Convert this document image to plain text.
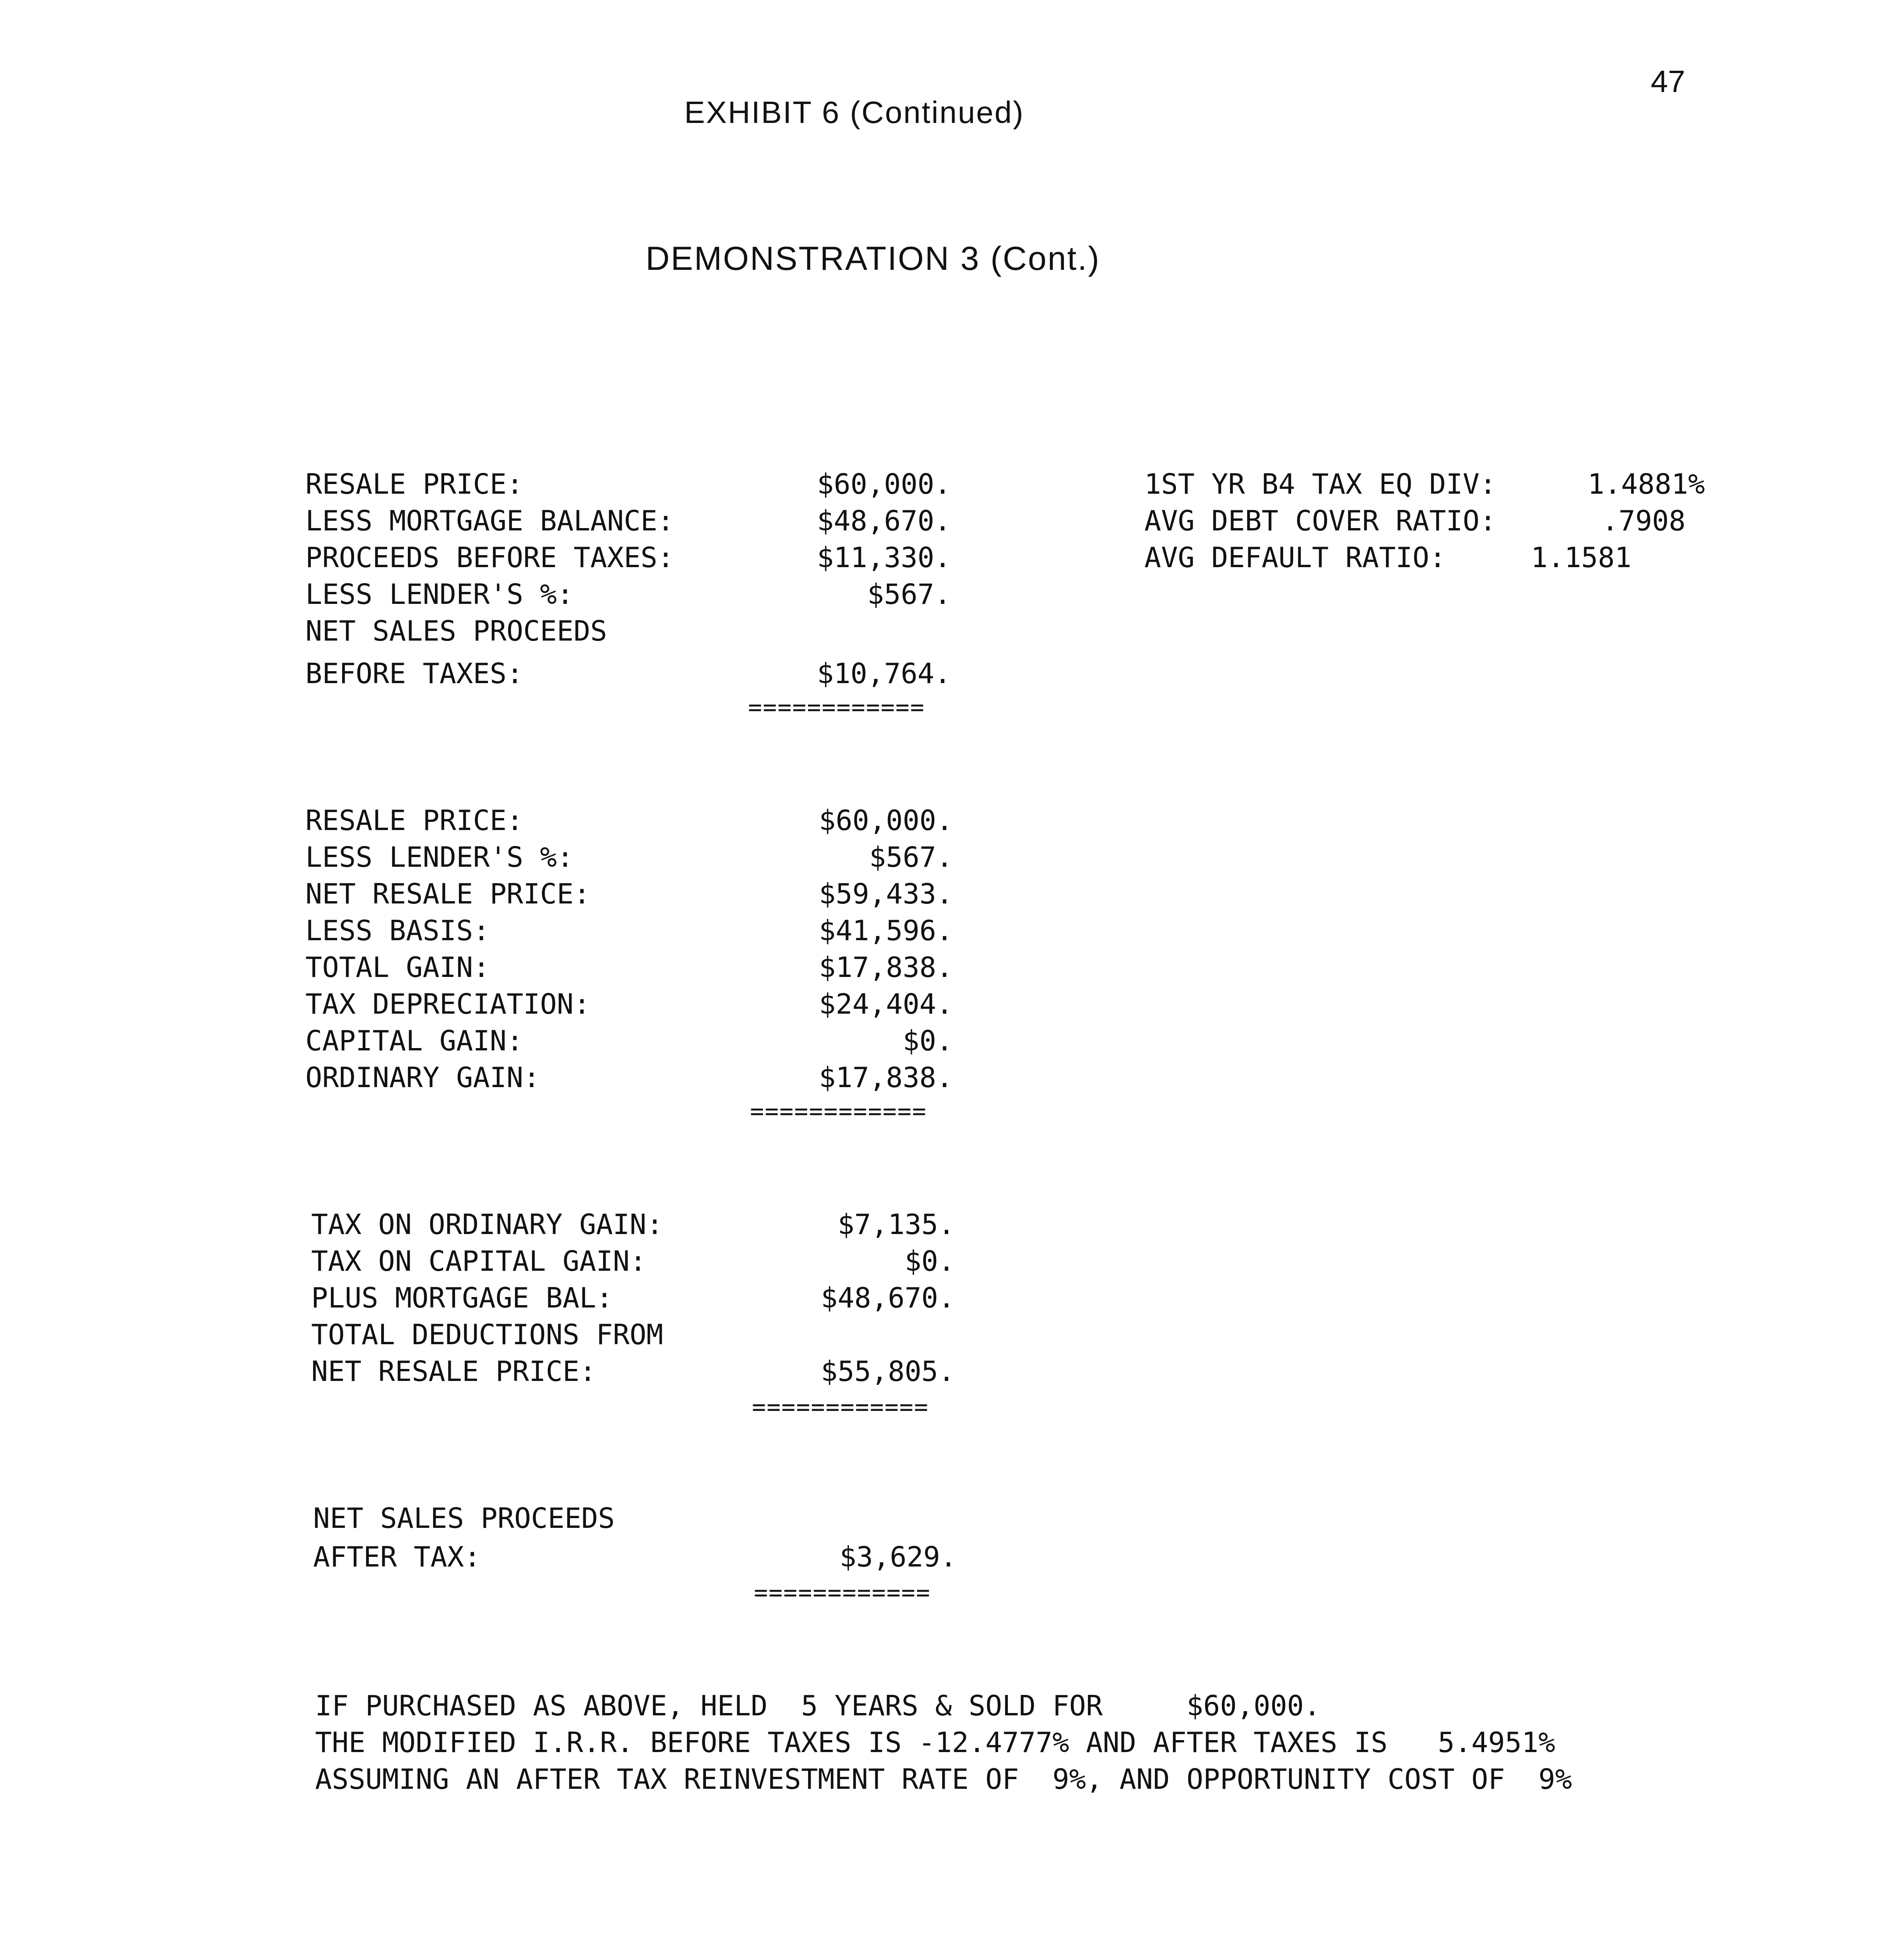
47
EXHIBIT 6 (Continued)
DEMONSTRATION 3 (Cont.)
RESALE PRICE:	$60,000.
LESS MORTGAGE BALANCE:	$48,670.
PROCEEDS BEFORE TAXES:	$11,330.
LESS LENDER'S %:	$567.
NET SALES PROCEEDS
BEFORE TAXES:	$10,764.
============
1ST YR B4 TAX EQ DIV:	1.4881%
AVG DEBT COVER RATIO:	.7908
AVG DEFAULT RATIO:	1.1581
RESALE PRICE:	$60,000.
LESS LENDER'S %:	$567.
NET RESALE PRICE:	$59,433.
LESS BASIS:	$41,596.
TOTAL GAIN:	$17,838.
TAX DEPRECIATION:	$24,404.
CAPITAL GAIN:	$0.
ORDINARY GAIN:	$17,838.
============
TAX ON ORDINARY GAIN:	$7,135.
TAX ON CAPITAL GAIN:	$0.
PLUS MORTGAGE BAL:	$48,670.
TOTAL DEDUCTIONS FROM
NET RESALE PRICE:	$55,805.
============
NET SALES PROCEEDS
AFTER TAX:	$3,629.
============
IF PURCHASED AS ABOVE, HELD  5 YEARS & SOLD FOR     $60,000.
THE MODIFIED I.R.R. BEFORE TAXES IS -12.4777% AND AFTER TAXES IS   5.4951%
ASSUMING AN AFTER TAX REINVESTMENT RATE OF  9%, AND OPPORTUNITY COST OF  9%
